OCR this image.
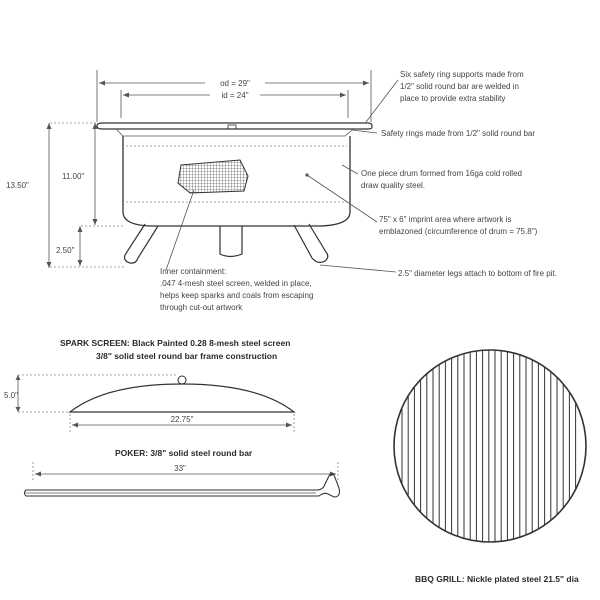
od = 29"
id = 24"
13.50"
11.00"
2.50"
Six safety ring supports made from 1/2" solid round bar are welded in place to provide extra stability
Safety rings made from 1/2" solid round bar
One piece drum formed from 16ga cold rolled draw quality steel.
75" x 6" imprint area where artwork is emblazoned (circumference of drum = 75.8")
2.5" diameter legs attach to bottom of fire pit.
Inner containment: .047 4-mesh steel screen, welded in place, helps keep sparks and coals from escaping through cut-out artwork
SPARK SCREEN: Black Painted 0.28 8-mesh steel screen 3/8" solid steel round bar frame construction
5.0"
22.75"
POKER: 3/8" solid steel round bar
33"
BBQ GRILL: Nickle plated steel 21.5" dia
